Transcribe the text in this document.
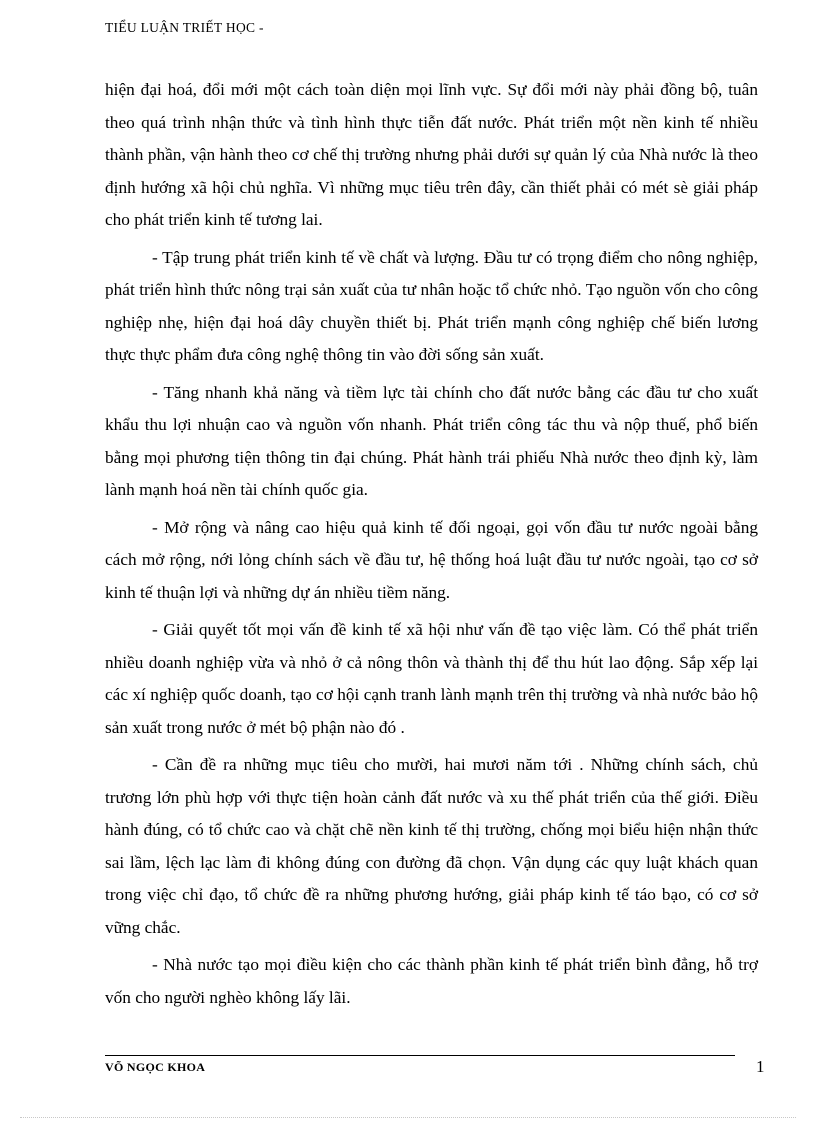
TIỂU LUẬN TRIẾT HỌC -

hiện đại hoá, đổi mới một cách toàn diện mọi lĩnh vực. Sự đổi mới này phải đồng bộ, tuân theo quá trình nhận thức và tình hình thực tiễn đất nước. Phát triển một nền kinh tế nhiều thành phần, vận hành theo cơ chế thị trường nhưng phải dưới sự quản lý của Nhà nước là theo định hướng xã hội chủ nghĩa. Vì những mục tiêu trên đây, cần thiết phải có mét sè giải pháp cho phát triển kinh tế tương lai.

- Tập trung phát triển kinh tế về chất và lượng. Đầu tư có trọng điểm cho nông nghiệp, phát triển hình thức nông trại sản xuất của tư nhân hoặc tổ chức nhỏ. Tạo nguồn vốn cho công nghiệp nhẹ, hiện đại hoá dây chuyền thiết bị. Phát triển mạnh công nghiệp chế biến lương thực thực phẩm đưa công nghệ thông tin vào đời sống sản xuất.

- Tăng nhanh khả năng và tiềm lực tài chính cho đất nước bằng các đầu tư cho xuất khẩu thu lợi nhuận cao và nguồn vốn nhanh. Phát triển công tác thu và nộp thuế, phổ biến bằng mọi phương tiện thông tin đại chúng. Phát hành trái phiếu Nhà nước theo định kỳ, làm lành mạnh hoá nền tài chính quốc gia.

- Mở rộng và nâng cao hiệu quả kinh tế đối ngoại, gọi vốn đầu tư nước ngoài bằng cách mở rộng, nới lỏng chính sách về đầu tư, hệ thống hoá luật đầu tư nước ngoài, tạo cơ sở kinh tế thuận lợi và những dự án nhiều tiềm năng.

- Giải quyết tốt mọi vấn đề kinh tế xã hội như vấn đề tạo việc làm. Có thể phát triển nhiều doanh nghiệp vừa và nhỏ ở cả nông thôn và thành thị để thu hút lao động. Sắp xếp lại các xí nghiệp quốc doanh, tạo cơ hội cạnh tranh lành mạnh trên thị trường và nhà nước bảo hộ sản xuất trong nước ở mét bộ phận nào đó .

- Cần đề ra những mục tiêu cho mười, hai mươi năm tới . Những chính sách, chủ trương lớn phù hợp với thực tiện hoàn cảnh đất nước và xu thế phát triển của thế giới. Điều hành đúng, có tổ chức cao và chặt chẽ nền kinh tế thị trường, chống mọi biểu hiện nhận thức sai lầm, lệch lạc làm đi không đúng con đường đã chọn. Vận dụng các quy luật khách quan trong việc chỉ đạo, tổ chức đề ra những phương hướng, giải pháp kinh tế táo bạo, có cơ sở vững chắc.

- Nhà nước tạo mọi điều kiện cho các thành phần kinh tế phát triển bình đẳng, hỗ trợ vốn cho người nghèo không lấy lãi.

VÕ NGỌC KHOA	1
